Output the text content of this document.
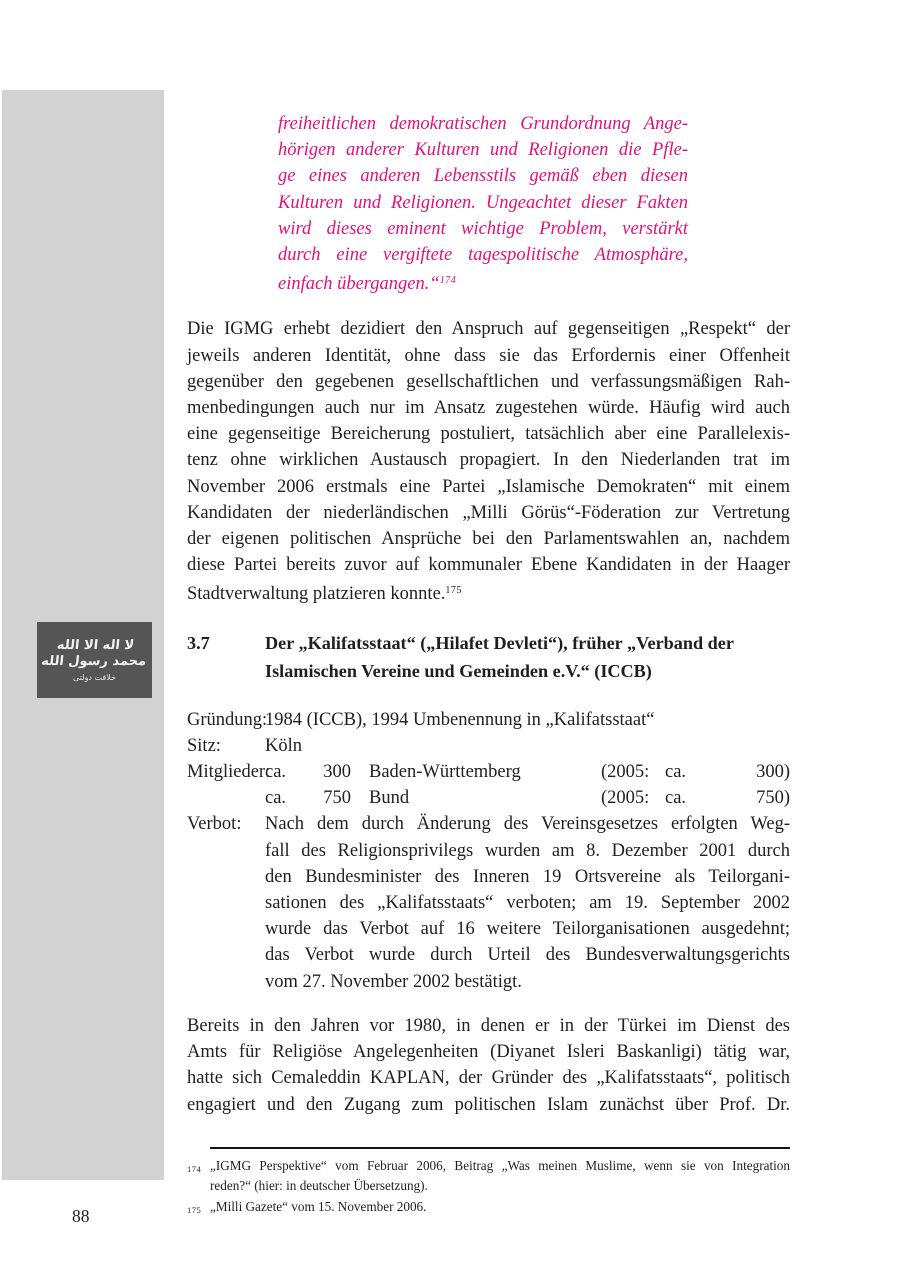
لا اله الا الله محمد رسول الله
خلافت دولتى
freiheitlichen demokratischen Grundordnung Ange-
hörigen anderer Kulturen und Religionen die Pfle-
ge eines anderen Lebensstils gemäß eben diesen
Kulturen und Religionen. Ungeachtet dieser Fakten
wird dieses eminent wichtige Problem, verstärkt
durch eine vergiftete tagespolitische Atmosphäre,
einfach übergangen.“$^{174}$
Die IGMG erhebt dezidiert den Anspruch auf gegenseitigen „Respekt“ der
jeweils anderen Identität, ohne dass sie das Erfordernis einer Offenheit
gegenüber den gegebenen gesellschaftlichen und verfassungsmäßigen Rah-
menbedingungen auch nur im Ansatz zugestehen würde. Häufig wird auch
eine gegenseitige Bereicherung postuliert, tatsächlich aber eine Parallelexis-
tenz ohne wirklichen Austausch propagiert. In den Niederlanden trat im
November 2006 erstmals eine Partei „Islamische Demokraten“ mit einem
Kandidaten der niederländischen „Milli Görüs“-Föderation zur Vertretung
der eigenen politischen Ansprüche bei den Parlamentswahlen an, nachdem
diese Partei bereits zuvor auf kommunaler Ebene Kandidaten in der Haager
Stadtverwaltung platzieren konnte.$^{175}$
3.7	Der „Kalifatsstaat“ („Hilafet Devleti“), früher „Verband der
Islamischen Vereine und Gemeinden e.V.“ (ICCB)
Gründung:
1984 (ICCB), 1994 Umbenennung in „Kalifatsstaat“
Sitz:	Köln
Mitglieder:
ca.	300 Baden-Württemberg	(2005: ca.	300)
ca.	750 Bund	(2005: ca.	750)
Verbot:	Nach dem durch Änderung des Vereinsgesetzes erfolgten Weg-
fall des Religionsprivilegs wurden am 8. Dezember 2001 durch
den Bundesminister des Inneren 19 Ortsvereine als Teilorgani-
sationen des „Kalifatsstaats“ verboten; am 19. September 2002
wurde das Verbot auf 16 weitere Teilorganisationen ausgedehnt;
das Verbot wurde durch Urteil des Bundesverwaltungsgerichts
vom 27. November 2002 bestätigt.
Bereits in den Jahren vor 1980, in denen er in der Türkei im Dienst des
Amts für Religiöse Angelegenheiten (Diyanet Isleri Baskanligi) tätig war,
hatte sich Cemaleddin KAPLAN, der Gründer des „Kalifatsstaats“, politisch
engagiert und den Zugang zum politischen Islam zunächst über Prof. Dr.
174 „IGMG Perspektive“ vom Februar 2006, Beitrag „Was meinen Muslime, wenn sie von Integration
reden?“ (hier: in deutscher Übersetzung).
175 „Milli Gazete“ vom 15. November 2006.
88
